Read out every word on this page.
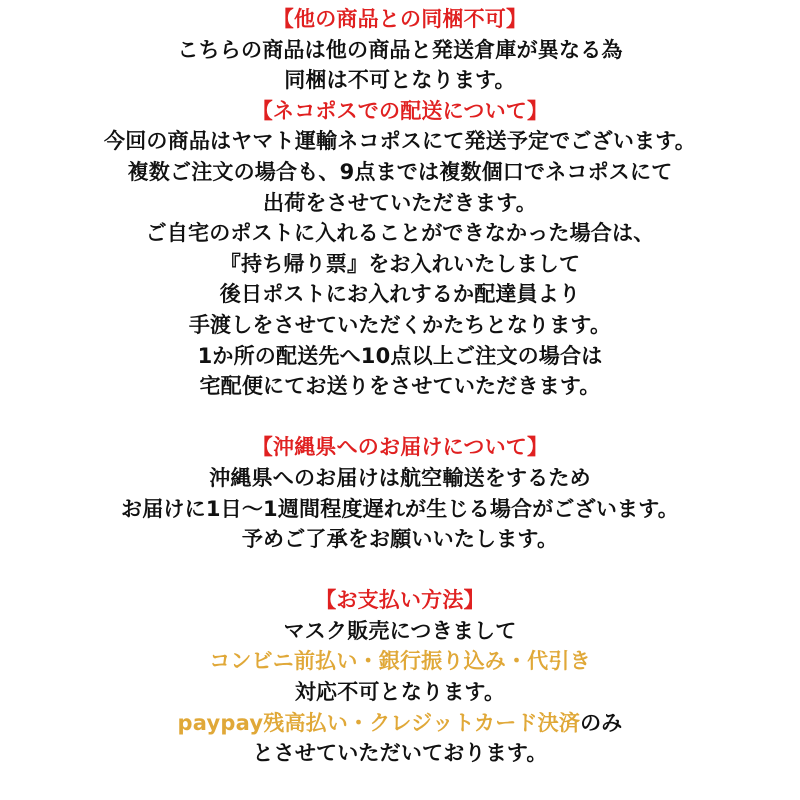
【他の商品との同梱不可】
こちらの商品は他の商品と発送倉庫が異なる為
同梱は不可となります。
【ネコポスでの配送について】
今回の商品はヤマト運輸ネコポスにて発送予定でございます。
複数ご注文の場合も、9点までは複数個口でネコポスにて
出荷をさせていただきます。
ご自宅のポストに入れることができなかった場合は、
『持ち帰り票』をお入れいたしまして
後日ポストにお入れするか配達員より
手渡しをさせていただくかたちとなります。
1か所の配送先へ10点以上ご注文の場合は
宅配便にてお送りをさせていただきます。
【沖縄県へのお届けについて】
沖縄県へのお届けは航空輸送をするため
お届けに1日〜1週間程度遅れが生じる場合がございます。
予めご了承をお願いいたします。
【お支払い方法】
マスク販売につきまして
コンビニ前払い・銀行振り込み・代引き
対応不可となります。
paypay残高払い・クレジットカード決済のみ
とさせていただいております。
